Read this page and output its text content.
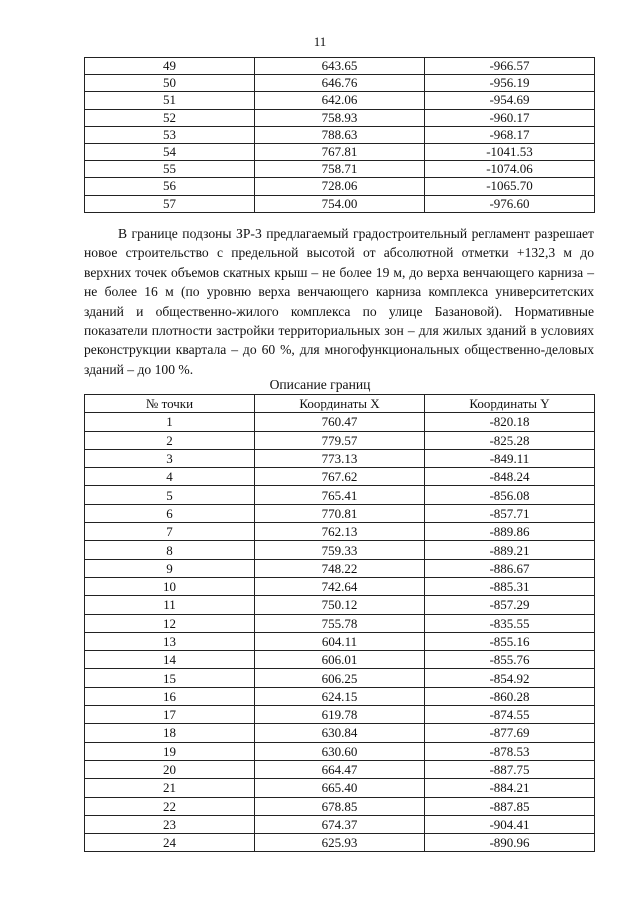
11
49	643.65	-966.57
50	646.76	-956.19
51	642.06	-954.69
52	758.93	-960.17
53	788.63	-968.17
54	767.81	-1041.53
55	758.71	-1074.06
56	728.06	-1065.70
57	754.00	-976.60

В границе подзоны ЗР-3 предлагаемый градостроительный регламент разрешает новое строительство с предельной высотой от абсолютной отметки +132,3 м до верхних точек объемов скатных крыш – не более 19 м, до верха венчающего карниза – не более 16 м (по уровню верха венчающего карниза комплекса университетских зданий и общественно-жилого комплекса по улице Базановой). Нормативные показатели плотности застройки территориальных зон – для жилых зданий в условиях реконструкции квартала – до 60 %, для многофункциональных общественно-деловых зданий – до 100 %.

Описание границ

№ точки	Координаты X	Координаты Y
1	760.47	-820.18
2	779.57	-825.28
3	773.13	-849.11
4	767.62	-848.24
5	765.41	-856.08
6	770.81	-857.71
7	762.13	-889.86
8	759.33	-889.21
9	748.22	-886.67
10	742.64	-885.31
11	750.12	-857.29
12	755.78	-835.55
13	604.11	-855.16
14	606.01	-855.76
15	606.25	-854.92
16	624.15	-860.28
17	619.78	-874.55
18	630.84	-877.69
19	630.60	-878.53
20	664.47	-887.75
21	665.40	-884.21
22	678.85	-887.85
23	674.37	-904.41
24	625.93	-890.96
